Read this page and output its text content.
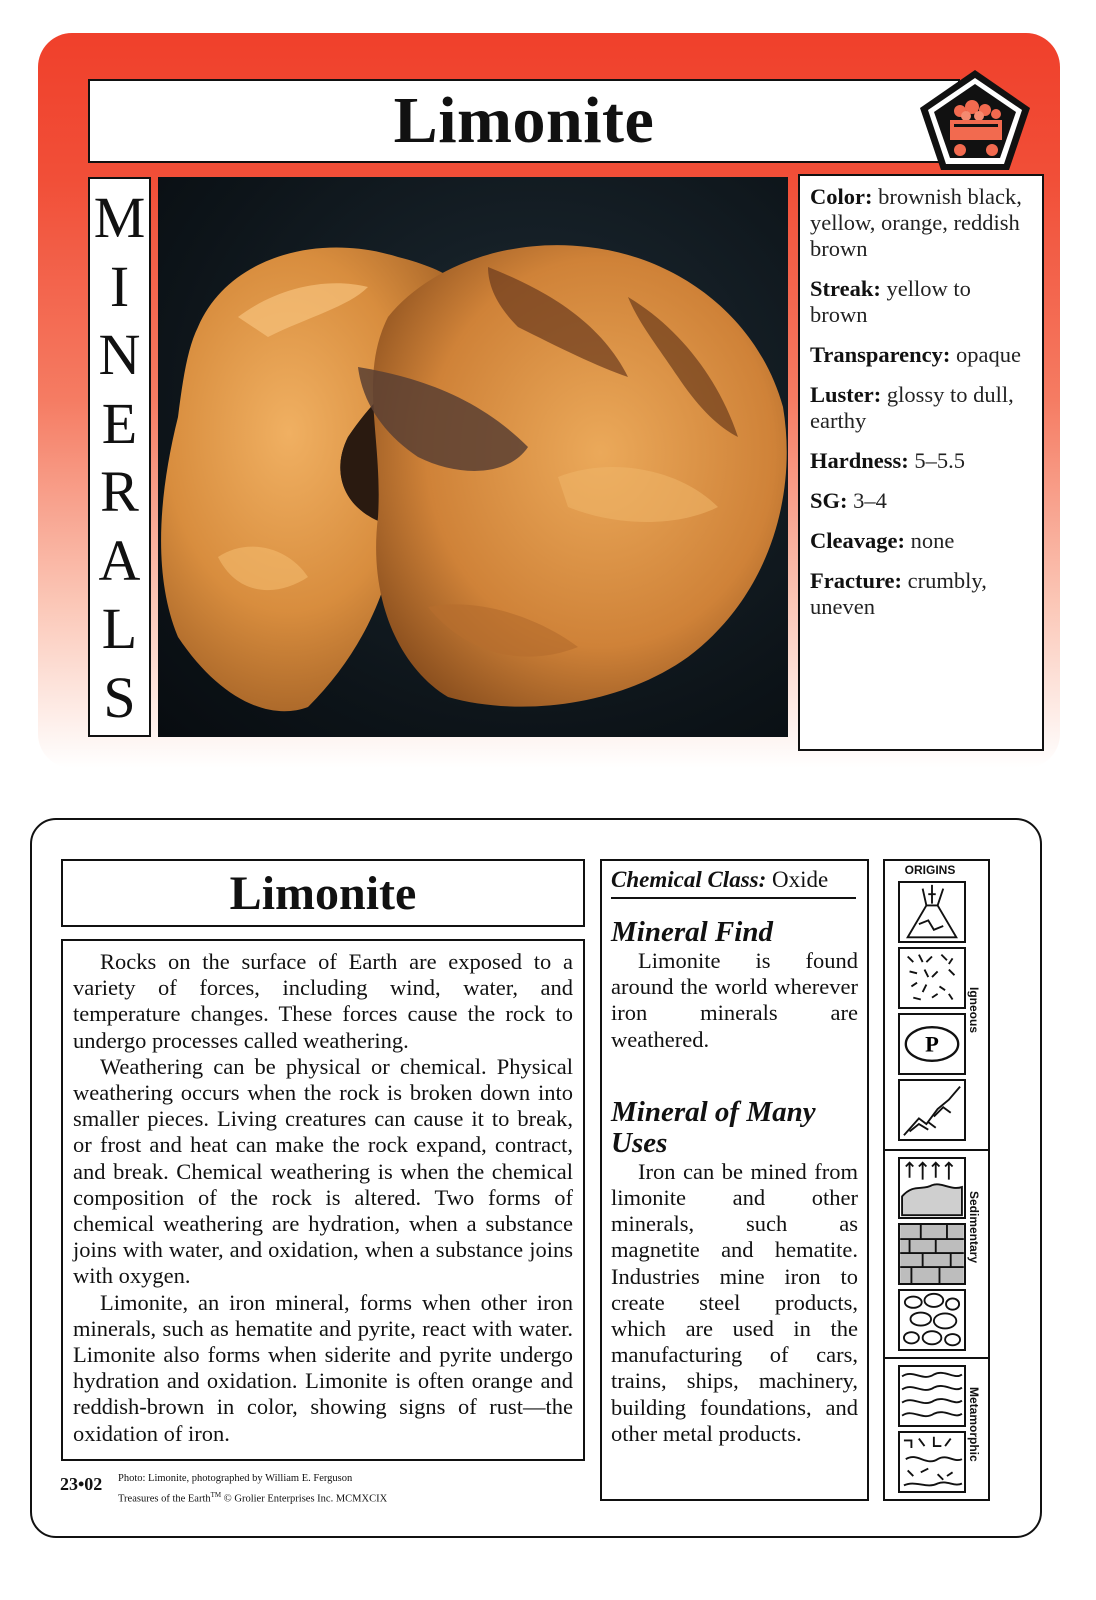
Limonite
M
I
N
E
R
A
L
S

Color: brownish black, yellow, orange, reddish brown

Streak: yellow to brown

Transparency: opaque

Luster: glossy to dull, earthy

Hardness: 5–5.5

SG: 3–4

Cleavage: none

Fracture: crumbly, uneven

Limonite

Rocks on the surface of Earth are exposed to a variety of forces, including wind, water, and temperature changes. These forces cause the rock to undergo processes called weathering.

Weathering can be physical or chemical. Physical weathering occurs when the rock is broken down into smaller pieces. Living creatures can cause it to break, or frost and heat can make the rock expand, contract, and break. Chemical weathering is when the chemical composition of the rock is altered. Two forms of chemical weathering are hydration, when a substance joins with water, and oxidation, when a substance joins with oxygen.

Limonite, an iron mineral, forms when other iron minerals, such as hematite and pyrite, react with water. Limonite also forms when siderite and pyrite undergo hydration and oxidation. Limonite is often orange and reddish-brown in color, showing signs of rust—the oxidation of iron.

23•02 Photo: Limonite, photographed by William E. Ferguson
Treasures of the Earth™ © Grolier Enterprises Inc. MCMXCIX
Chemical Class: Oxide
Mineral Find
Limonite is found around the world wherever iron minerals are weathered.
Mineral of Many Uses
Iron can be mined from limonite and other minerals, such as magnetite and hematite. Industries mine iron to create steel products, which are used in the manufacturing of cars, trains, ships, machinery, building foundations, and other metal products.
ORIGINS
P
Igneous
Sedimentary
Metamorphic
